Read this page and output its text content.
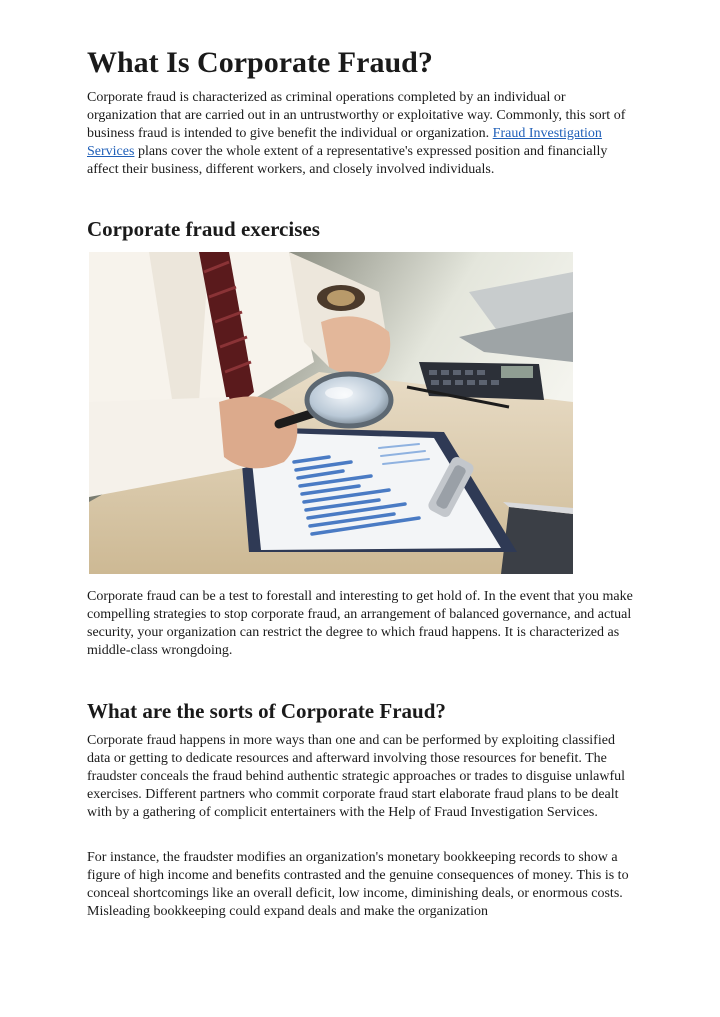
What Is Corporate Fraud?

Corporate fraud is characterized as criminal operations completed by an individual or organization that are carried out in an untrustworthy or exploitative way. Commonly, this sort of business fraud is intended to give benefit the individual or organization. Fraud Investigation Services plans cover the whole extent of a representative's expressed position and financially affect their business, different workers, and closely involved individuals.

Corporate fraud exercises

Corporate fraud can be a test to forestall and interesting to get hold of. In the event that you make compelling strategies to stop corporate fraud, an arrangement of balanced governance, and actual security, your organization can restrict the degree to which fraud happens. It is characterized as middle-class wrongdoing.

What are the sorts of Corporate Fraud?

Corporate fraud happens in more ways than one and can be performed by exploiting classified data or getting to dedicate resources and afterward involving those resources for benefit. The fraudster conceals the fraud behind authentic strategic approaches or trades to disguise unlawful exercises. Different partners who commit corporate fraud start elaborate fraud plans to be dealt with by a gathering of complicit entertainers with the Help of Fraud Investigation Services.

For instance, the fraudster modifies an organization's monetary bookkeeping records to show a figure of high income and benefits contrasted and the genuine consequences of money. This is to conceal shortcomings like an overall deficit, low income, diminishing deals, or enormous costs. Misleading bookkeeping could expand deals and make the organization
